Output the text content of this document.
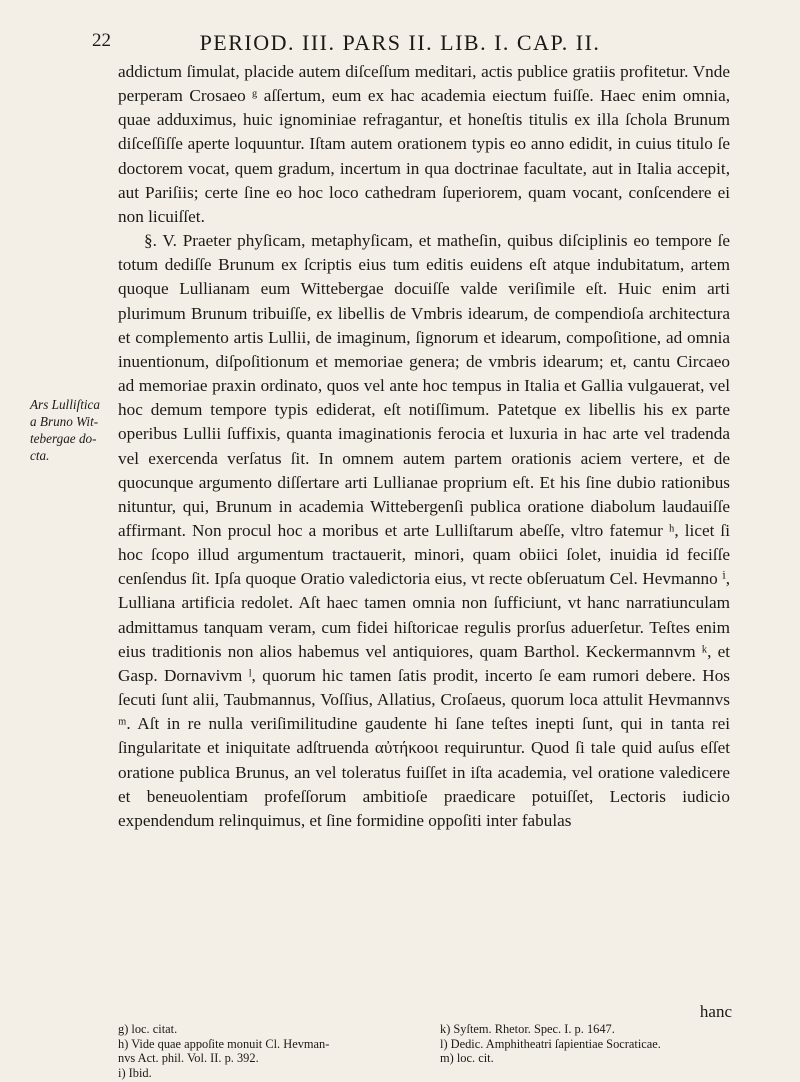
22	PERIOD. III. PARS II. LIB. I. CAP. II.
Ars Lulliſtica
a Bruno Wit-
tebergae do-
cta.

addictum ſimulat, placide autem diſceſſum meditari, actis publice gratiis profitetur. Vnde perperam Crosaeo ᵍ aſſertum, eum ex hac academia eiectum fuiſſe. Haec enim omnia, quae adduximus, huic ignominiae refragantur, et honeſtis titulis ex illa ſchola Brunum diſceſſiſſe aperte loquuntur. Iſtam autem orationem typis eo anno edidit, in cuius titulo ſe doctorem vocat, quem gradum, incertum in qua doctrinae facultate, aut in Italia accepit, aut Pariſiis; certe ſine eo hoc loco cathedram ſuperiorem, quam vocant, conſcendere ei non licuiſſet.

§. V. Praeter phyſicam, metaphyſicam, et matheſin, quibus diſciplinis eo tempore ſe totum dediſſe Brunum ex ſcriptis eius tum editis euidens eſt atque indubitatum, artem quoque Lullianam eum Wittebergae docuiſſe valde veriſimile eſt. Huic enim arti plurimum Brunum tribuiſſe, ex libellis de Vmbris idearum, de compendioſa architectura et complemento artis Lullii, de imaginum, ſignorum et idearum, compoſitione, ad omnia inuentionum, diſpoſitionum et memoriae genera; de vmbris idearum; et, cantu Circaeo ad memoriae praxin ordinato, quos vel ante hoc tempus in Italia et Gallia vulgauerat, vel hoc demum tempore typis ediderat, eſt notiſſimum. Patetque ex libellis his ex parte operibus Lullii ſuffixis, quanta imaginationis ferocia et luxuria in hac arte vel tradenda vel exercenda verſatus ſit. In omnem autem partem orationis aciem vertere, et de quocunque argumento diſſertare arti Lullianae proprium eſt. Et his ſine dubio rationibus nituntur, qui, Brunum in academia Wittebergenſi publica oratione diabolum laudauiſſe affirmant. Non procul hoc a moribus et arte Lulliſtarum abeſſe, vltro fatemur ʰ, licet ſi hoc ſcopo illud argumentum tractauerit, minori, quam obiici ſolet, inuidia id feciſſe cenſendus ſit. Ipſa quoque Oratio valedictoria eius, vt recte obſeruatum Cel. Hevmanno ⁱ, Lulliana artificia redolet. Aſt haec tamen omnia non ſufficiunt, vt hanc narratiunculam admittamus tanquam veram, cum fidei hiſtoricae regulis prorſus aduerſetur. Teſtes enim eius traditionis non alios habemus vel antiquiores, quam Barthol. Keckermannvm ᵏ, et Gasp. Dornavivm ˡ, quorum hic tamen ſatis prodit, incerto ſe eam rumori debere. Hos ſecuti ſunt alii, Taubmannus, Voſſius, Allatius, Croſaeus, quorum loca attulit Hevmannvs ᵐ. Aſt in re nulla veriſimilitudine gaudente hi ſane teſtes inepti ſunt, qui in tanta rei ſingularitate et iniquitate adſtruenda αὐτήκοοι requiruntur. Quod ſi tale quid auſus eſſet oratione publica Brunus, an vel toleratus fuiſſet in iſta academia, vel oratione valedicere et beneuolentiam profeſſorum ambitioſe praedicare potuiſſet, Lectoris iudicio expendendum relinquimus, et ſine formidine oppoſiti inter fabulas

hanc
g) loc. citat.
h) Vide quae appoſite monuit Cl. Hevman-
nvs Act. phil. Vol. II. p. 392.
i) Ibid.
k) Syſtem. Rhetor. Spec. I. p. 1647.
l) Dedic. Amphitheatri ſapientiae Socraticae.
m) loc. cit.
